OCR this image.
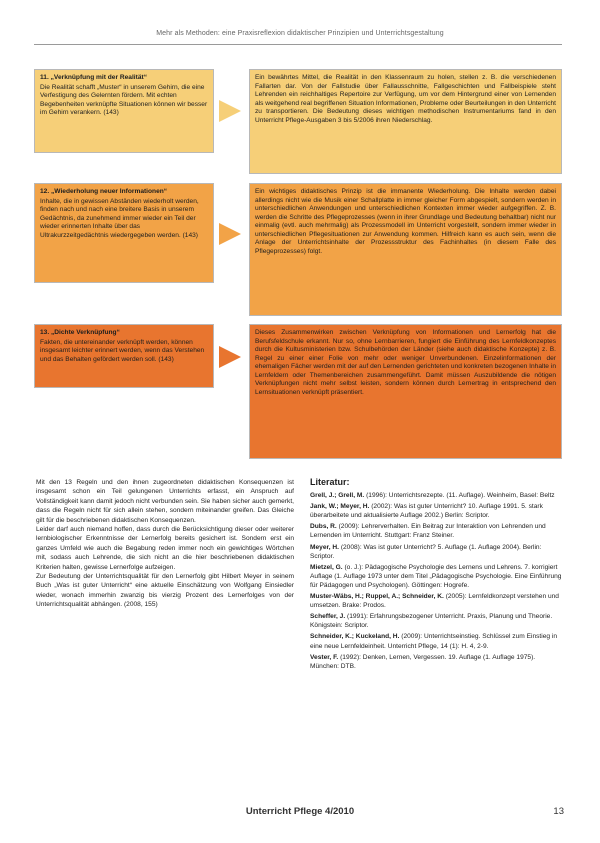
Mehr als Methoden: eine Praxisreflexion didaktischer Prinzipien und Unterrichtsgestaltung
11. „Verknüpfung mit der Realität“
Die Realität schafft „Muster“ in unserem Gehirn, die eine Verfestigung des Gelernten fördern. Mit echten Begebenheiten verknüpfte Situationen können wir besser im Gehirn verankern. (143)
Ein bewährtes Mittel, die Realität in den Klassenraum zu holen, stellen z. B. die verschiedenen Fallarten dar. Von der Fallstudie über Fallausschnitte, Fallgeschichten und Fallbeispiele steht Lehrenden ein reichhaltiges Repertoire zur Verfügung, um vor dem Hintergrund einer von Lernenden als weitgehend real begriffenen Situation Informationen, Probleme oder Beurteilungen in den Unterricht zu transportieren. Die Bedeutung dieses wichtigen methodischen Instrumentariums fand in den Unterricht Pflege-Ausgaben 3 bis 5/2006 ihren Niederschlag.
12. „Wiederholung neuer Informationen“
Inhalte, die in gewissen Abständen wiederholt werden, finden nach und nach eine breitere Basis in unserem Gedächtnis, da zunehmend immer wieder ein Teil der wieder erinnerten Inhalte über das Ultrakurzzeitgedächtnis wiedergegeben werden. (143)
Ein wichtiges didaktisches Prinzip ist die immanente Wiederholung. Die Inhalte werden dabei allerdings nicht wie die Musik einer Schallplatte in immer gleicher Form abgespielt, sondern werden in unterschiedlichen Anwendungen und unterschiedlichen Kontexten immer wieder aufgegriffen. Z. B. werden die Schritte des Pflegeprozesses (wenn in ihrer Grundlage und Bedeutung behaltbar) nicht nur einmalig (evtl. auch mehrmalig) als Prozessmodell im Unterricht vorgestellt, sondern immer wieder in unterschiedlichen Pflegesituationen zur Anwendung kommen. Hilfreich kann es auch sein, wenn die Anlage der Unterrichtsinhalte der Prozessstruktur des Fachinhaltes (in diesem Falle des Pflegeprozesses) folgt.
13. „Dichte Verknüpfung“
Fakten, die untereinander verknüpft werden, können insgesamt leichter erinnert werden, wenn das Verstehen und das Behalten gefördert werden soll. (143)
Dieses Zusammenwirken zwischen Verknüpfung von Informationen und Lernerfolg hat die Berufsfeldschule erkannt. Nur so, ohne Lernbarrieren, fungiert die Einführung des Lernfeldkonzeptes durch die Kultusministerien bzw. Schulbehörden der Länder (siehe auch didaktische Konzepte) z. B. Regel zu einer einer Folie von mehr oder weniger Unverbundenen. Einzelinformationen der ehemaligen Fächer werden mit der auf den Lernenden gerichteten und konkreten bezogenen Inhalte in Lernfeldern oder Themenbereichen zusammengeführt. Damit müssen Auszubildende die nötigen Verknüpfungen nicht mehr selbst leisten, sondern können durch Lernertrag in entsprechend den Lernsituationen verknüpft präsentiert.

Mit den 13 Regeln und den ihnen zugeordneten didaktischen Konsequenzen ist insgesamt schon ein Teil gelungenen Unterrichts erfasst, ein Anspruch auf Vollständigkeit kann damit jedoch nicht verbunden sein. Sie haben sicher auch gemerkt, dass die Regeln nicht für sich allein stehen, sondern miteinander greifen. Das Gleiche gilt für die beschriebenen didaktischen Konsequenzen.

Leider darf auch niemand hoffen, dass durch die Berücksichtigung dieser oder weiterer lernbiologischer Erkenntnisse der Lernerfolg bereits gesichert ist. Sondern erst ein ganzes Umfeld wie auch die Begabung reden immer noch ein gewichtiges Wörtchen mit, sodass auch Lehrende, die sich nicht an die hier beschriebenen didaktischen Kriterien halten, gewisse Lernerfolge aufzeigen.

Zur Bedeutung der Unterrichtsqualität für den Lernerfolg gibt Hilbert Meyer in seinem Buch „Was ist guter Unterricht“ eine aktuelle Einschätzung von Wolfgang Einsiedler wieder, wonach immerhin zwanzig bis vierzig Prozent des Lernerfolges von der Unterrichtsqualität abhängen. (2008, 155)

Literatur:
Grell, J.; Grell, M. (1996): Unterrichtsrezepte. (11. Auflage). Weinheim, Basel: Beltz
Jank, W.; Meyer, H. (2002): Was ist guter Unterricht? 10. Auflage 1991. 5. stark überarbeitete und aktualisierte Auflage 2002.) Berlin: Scriptor.
Dubs, R. (2009): Lehrerverhalten. Ein Beitrag zur Interaktion von Lehrenden und Lernenden im Unterricht. Stuttgart: Franz Steiner.
Meyer, H. (2008): Was ist guter Unterricht? 5. Auflage (1. Auflage 2004). Berlin: Scriptor.
Mietzel, G. (o. J.): Pädagogische Psychologie des Lernens und Lehrens. 7. korrigiert Auflage (1. Auflage 1973 unter dem Titel „Pädagogische Psychologie. Eine Einführung für Pädagogen und Psychologen). Göttingen: Hogrefe.
Muster-Wäbs, H.; Ruppel, A.; Schneider, K. (2005): Lernfeldkonzept verstehen und umsetzen. Brake: Prodos.
Scheffer, J. (1991): Erfahrungsbezogener Unterricht. Praxis, Planung und Theorie. Königstein: Scriptor.
Schneider, K.; Kuckeland, H. (2009): Unterrichtseinstieg. Schlüssel zum Einstieg in eine neue Lernfeldeinheit. Unterricht Pflege, 14 (1): H. 4, 2-9.
Vester, F. (1992): Denken, Lernen, Vergessen. 19. Auflage (1. Auflage 1975). München: DTB.
Unterricht Pflege 4/2010	13
